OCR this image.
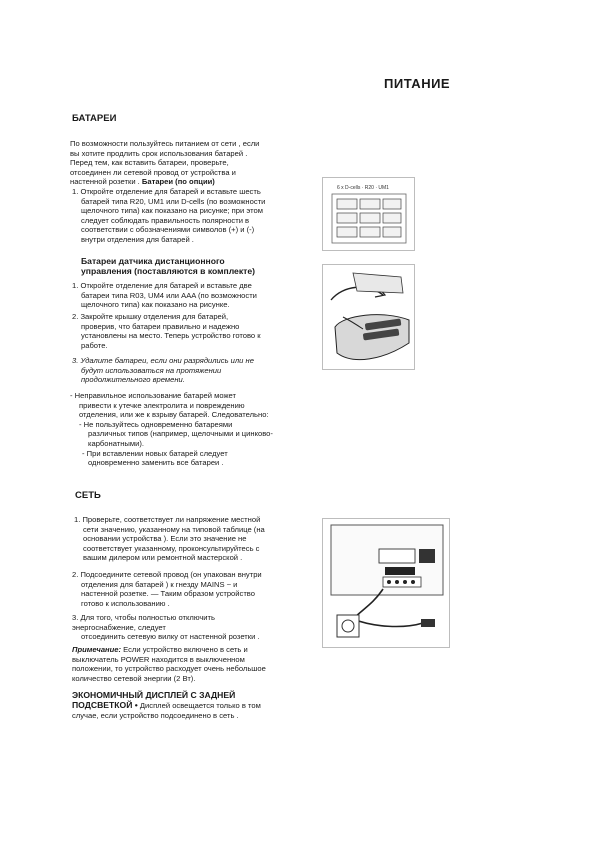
ПИТАНИЕ
БАТАРЕИ
По возможности пользуйтесь питанием от сети , если
вы хотите продлить срок использования батарей .
Перед тем, как вставить батареи, проверьте,
отсоединен ли сетевой провод от устройства и
настенной розетки . Батареи (по опции)
1. Откройте отделение для батарей и вставьте шесть
батарей типа R20, UM1 или D-cells (по возможности
щелочного типа) как показано на рисунке; при этом
следует соблюдать правильность полярности в
соответствии с обозначениями символов (+) и (-)
внутри отделения для батарей .
Батареи датчика дистанционного
управления (поставляются в комплекте)
1. Откройте отделение для батарей и вставьте две
батареи типа R03, UM4 или AAA (по возможности
щелочного типа) как показано на рисунке.
2. Закройте крышку отделения для батарей,
проверив, что батареи правильно и надежно
установлены на место. Теперь устройство готово к
работе.
3. Удалите батареи, если они разрядились или не
будут использоваться на протяжении
продолжительного времени.
- Неправильное использование батарей может
привести к утечке электролита и повреждению
отделения, или же к взрыву батарей. Следовательно:
- Не пользуйтесь одновременно батареями
различных типов (например, щелочными и цинково-
карбонатными).
- При вставлении новых батарей следует
одновременно заменить все батареи .
6 x D-cells · R20 · UM1
СЕТЬ
1. Проверьте, соответствует ли напряжение местной
сети значению, указанному на типовой таблице (на
основании устройства ). Если это значение не
соответствует указанному, проконсультируйтесь с
вашим дилером или ремонтной мастерской .
2. Подсоедините сетевой провод (он упакован внутри
отделения для батарей ) к гнезду MAINS ~ и
настенной розетке. — Таким образом устройство
готово к использованию .
3. Для того, чтобы полностью отключить
энергоснабжение, следует
отсоединить сетевую вилку от настенной розетки .
Примечание: Если устройство включено в сеть и
выключатель POWER находится в выключенном
положении, то устройство расходует очень небольшое
количество сетевой энергии (2 Вт).
ЭКОНОМИЧНЫЙ ДИСПЛЕЙ С ЗАДНЕЙ
ПОДСВЕТКОЙ • Дисплей освещается только в том
случае, если устройство подсоединено в сеть .
